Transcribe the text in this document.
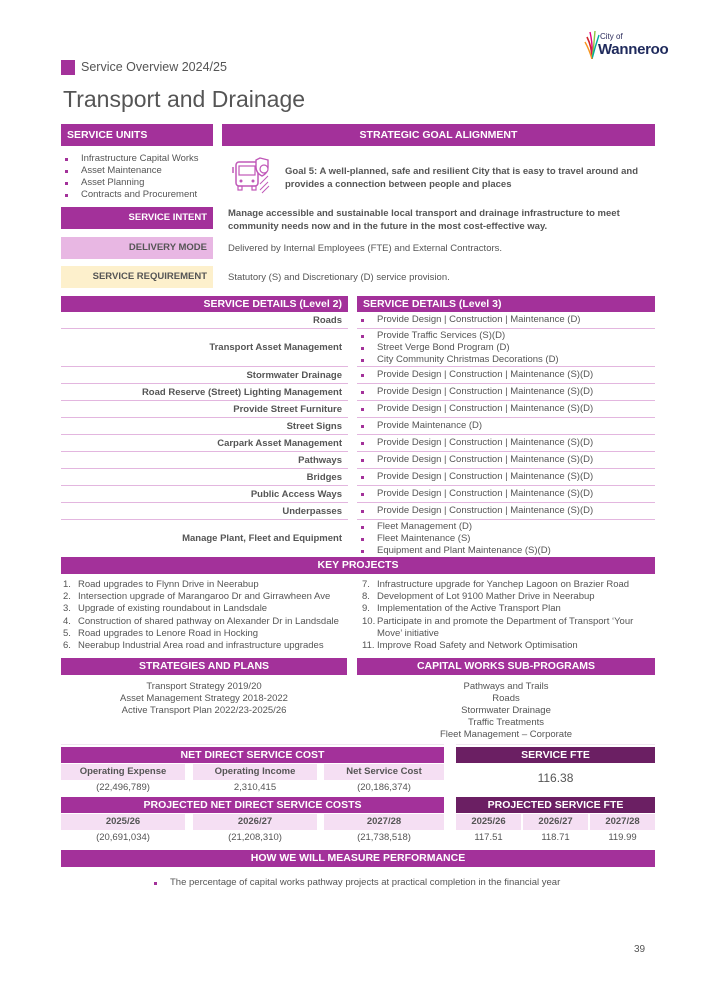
Service Overview 2024/25
Transport and Drainage
City of
Wanneroo
SERVICE UNITS
Infrastructure Capital Works
Asset Maintenance
Asset Planning
Contracts and Procurement
STRATEGIC GOAL ALIGNMENT
Goal 5: A well-planned, safe and resilient City that is easy to travel around and provides a connection between people and places
SERVICE INTENT	Manage accessible and sustainable local transport and drainage infrastructure to meet community needs now and in the future in the most cost-effective way.
DELIVERY MODE	Delivered by Internal Employees (FTE) and External Contractors.
SERVICE REQUIREMENT	Statutory (S) and Discretionary (D) service provision.
SERVICE DETAILS (Level 2)	SERVICE DETAILS (Level 3)
Roads	Provide Design | Construction | Maintenance (D)
Transport Asset Management
Provide Traffic Services (S)(D)
Street Verge Bond Program (D)
City Community Christmas Decorations (D)
Stormwater Drainage	Provide Design | Construction | Maintenance (S)(D)
Road Reserve (Street) Lighting Management	Provide Design | Construction | Maintenance (S)(D)
Provide Street Furniture	Provide Design | Construction | Maintenance (S)(D)
Street Signs	Provide Maintenance (D)
Carpark Asset Management	Provide Design | Construction | Maintenance (S)(D)
Pathways	Provide Design | Construction | Maintenance (S)(D)
Bridges	Provide Design | Construction | Maintenance (S)(D)
Public Access Ways	Provide Design | Construction | Maintenance (S)(D)
Underpasses	Provide Design | Construction | Maintenance (S)(D)
Manage Plant, Fleet and Equipment
Fleet Management (D)
Fleet Maintenance (S)
Equipment and Plant Maintenance (S)(D)
KEY PROJECTS
1. Road upgrades to Flynn Drive in Neerabup
2. Intersection upgrade of Marangaroo Dr and Girrawheen Ave
3. Upgrade of existing roundabout in Landsdale
4. Construction of shared pathway on Alexander Dr in Landsdale
5. Road upgrades to Lenore Road in Hocking
6. Neerabup Industrial Area road and infrastructure upgrades
7. Infrastructure upgrade for Yanchep Lagoon on Brazier Road
8. Development of Lot 9100 Mather Drive in Neerabup
9. Implementation of the Active Transport Plan
10. Participate in and promote the Department of Transport ‘Your Move’ initiative
11. Improve Road Safety and Network Optimisation
STRATEGIES AND PLANS
Transport Strategy 2019/20
Asset Management Strategy 2018-2022
Active Transport Plan 2022/23-2025/26
CAPITAL WORKS SUB-PROGRAMS
Pathways and Trails
Roads
Stormwater Drainage
Traffic Treatments
Fleet Management – Corporate
NET DIRECT SERVICE COST
Operating Expense	Operating Income	Net Service Cost
(22,496,789)	2,310,415	(20,186,374)
SERVICE FTE
116.38
PROJECTED NET DIRECT SERVICE COSTS
2025/26	2026/27	2027/28
(20,691,034)	(21,208,310)	(21,738,518)
PROJECTED SERVICE FTE
2025/26	2026/27	2027/28
117.51	118.71	119.99
HOW WE WILL MEASURE PERFORMANCE
The percentage of capital works pathway projects at practical completion in the financial year
39
